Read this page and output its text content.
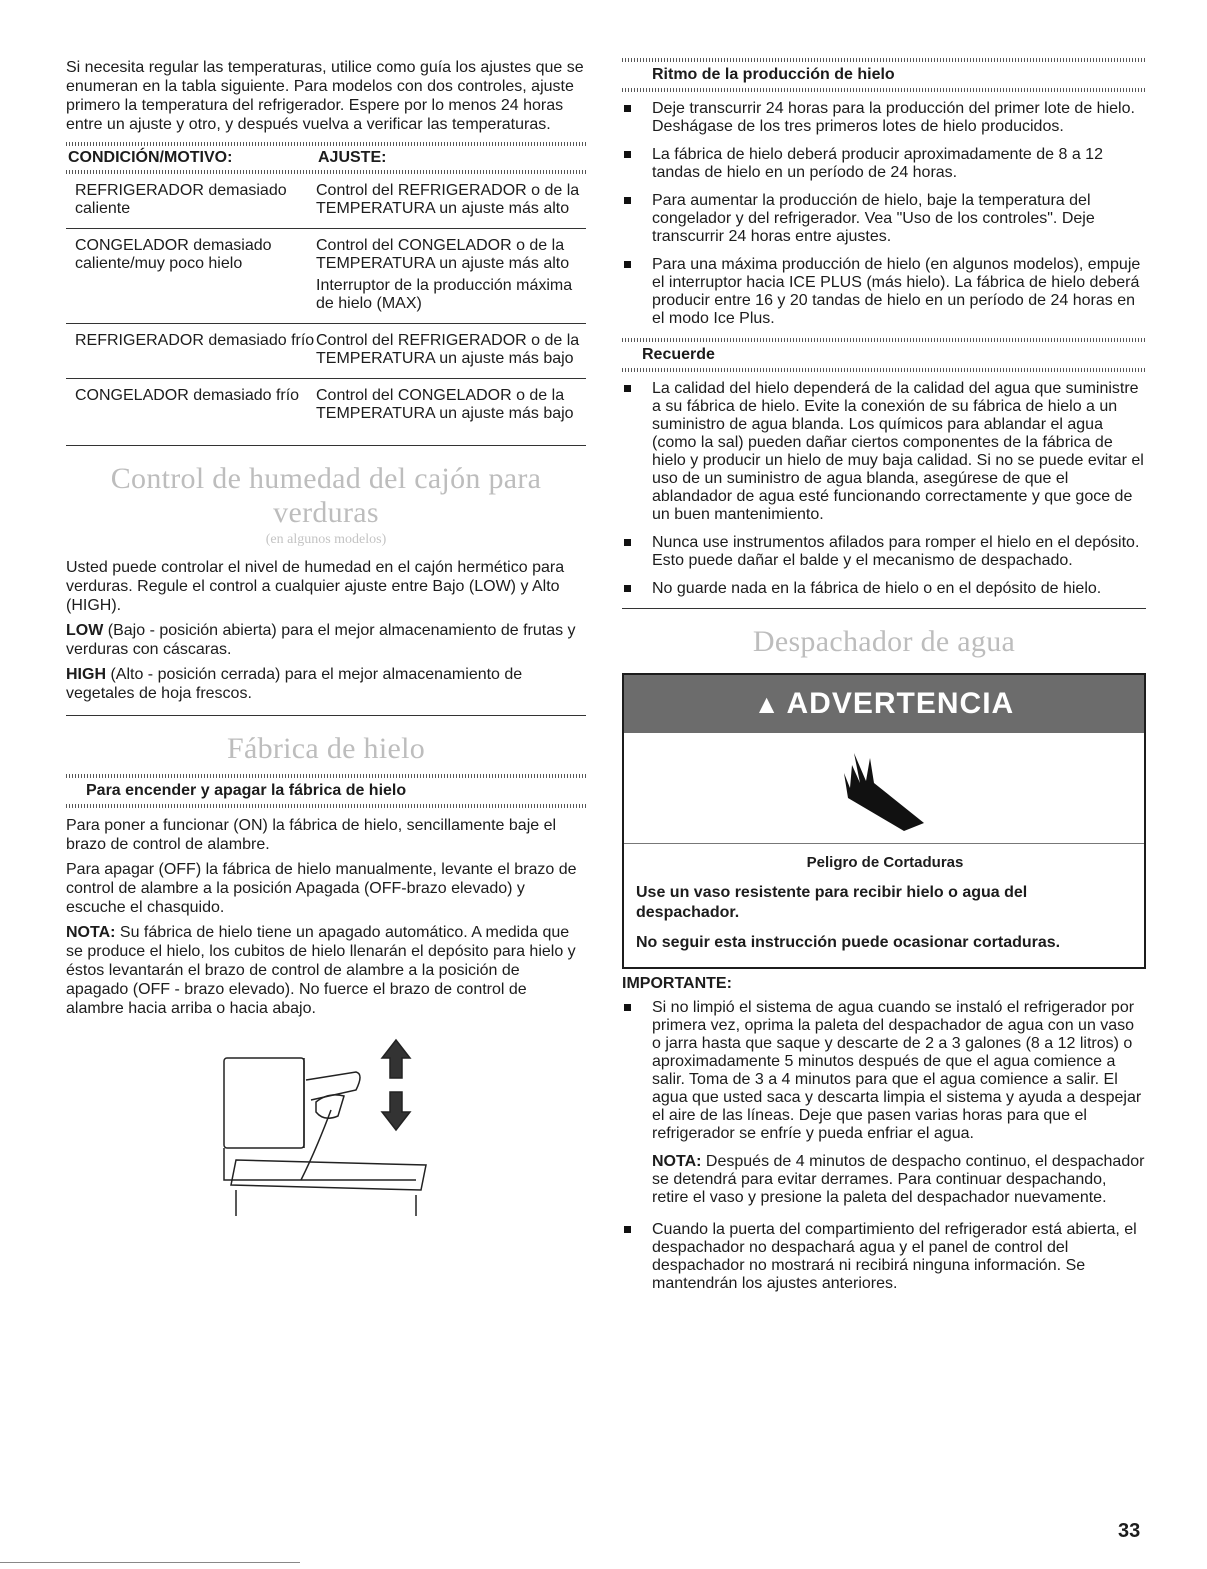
Si necesita regular las temperaturas, utilice como guía los ajustes que se enumeran en la tabla siguiente. Para modelos con dos controles, ajuste primero la temperatura del refrigerador. Espere por lo menos 24 horas entre un ajuste y otro, y después vuelva a verificar las temperaturas.

CONDICIÓN/MOTIVO:	AJUSTE:
REFRIGERADOR demasiado caliente
Control del REFRIGERADOR o de la TEMPERATURA un ajuste más alto
CONGELADOR demasiado caliente/muy poco hielo
Control del CONGELADOR o de la TEMPERATURA un ajuste más alto
Interruptor de la producción máxima de hielo (MAX)
REFRIGERADOR demasiado frío Control del REFRIGERADOR o de la TEMPERATURA un ajuste más bajo
CONGELADOR demasiado frío	Control del CONGELADOR o de la TEMPERATURA un ajuste más bajo
Control de humedad del cajón para verduras
(en algunos modelos)

Usted puede controlar el nivel de humedad en el cajón hermético para verduras. Regule el control a cualquier ajuste entre Bajo (LOW) y Alto (HIGH).

LOW (Bajo - posición abierta) para el mejor almacenamiento de frutas y verduras con cáscaras.

HIGH (Alto - posición cerrada) para el mejor almacenamiento de vegetales de hoja frescos.

Fábrica de hielo
Para encender y apagar la fábrica de hielo

Para poner a funcionar (ON) la fábrica de hielo, sencillamente baje el brazo de control de alambre.

Para apagar (OFF) la fábrica de hielo manualmente, levante el brazo de control de alambre a la posición Apagada (OFF-brazo elevado) y escuche el chasquido.

NOTA: Su fábrica de hielo tiene un apagado automático. A medida que se produce el hielo, los cubitos de hielo llenarán el depósito para hielo y éstos levantarán el brazo de control de alambre a la posición de apagado (OFF - brazo elevado). No fuerce el brazo de control de alambre hacia arriba o hacia abajo.

Ritmo de la producción de hielo
Deje transcurrir 24 horas para la producción del primer lote de hielo. Deshágase de los tres primeros lotes de hielo producidos.
La fábrica de hielo deberá producir aproximadamente de 8 a 12 tandas de hielo en un período de 24 horas.
Para aumentar la producción de hielo, baje la temperatura del congelador y del refrigerador. Vea "Uso de los controles". Deje transcurrir 24 horas entre ajustes.
Para una máxima producción de hielo (en algunos modelos), empuje el interruptor hacia ICE PLUS (más hielo). La fábrica de hielo deberá producir entre 16 y 20 tandas de hielo en un período de 24 horas en el modo Ice Plus.
Recuerde
La calidad del hielo dependerá de la calidad del agua que suministre a su fábrica de hielo. Evite la conexión de su fábrica de hielo a un suministro de agua blanda. Los químicos para ablandar el agua (como la sal) pueden dañar ciertos componentes de la fábrica de hielo y producir un hielo de muy baja calidad. Si no se puede evitar el uso de un suministro de agua blanda, asegúrese de que el ablandador de agua esté funcionando correctamente y que goce de un buen mantenimiento.
Nunca use instrumentos afilados para romper el hielo en el depósito. Esto puede dañar el balde y el mecanismo de despachado.
No guarde nada en la fábrica de hielo o en el depósito de hielo.
Despachador de agua
▲ ADVERTENCIA
Peligro de Cortaduras

Use un vaso resistente para recibir hielo o agua del despachador.

No seguir esta instrucción puede ocasionar cortaduras.

IMPORTANTE:
Si no limpió el sistema de agua cuando se instaló el refrigerador por primera vez, oprima la paleta del despachador de agua con un vaso o jarra hasta que saque y descarte de 2 a 3 galones (8 a 12 litros) o aproximadamente 5 minutos después de que el agua comience a salir. Toma de 3 a 4 minutos para que el agua comience a salir. El agua que usted saca y descarta limpia el sistema y ayuda a despejar el aire de las líneas. Deje que pasen varias horas para que el refrigerador se enfríe y pueda enfriar el agua.
NOTA: Después de 4 minutos de despacho continuo, el despachador se detendrá para evitar derrames. Para continuar despachando, retire el vaso y presione la paleta del despachador nuevamente.
Cuando la puerta del compartimiento del refrigerador está abierta, el despachador no despachará agua y el panel de control del despachador no mostrará ni recibirá ninguna información. Se mantendrán los ajustes anteriores.
33
